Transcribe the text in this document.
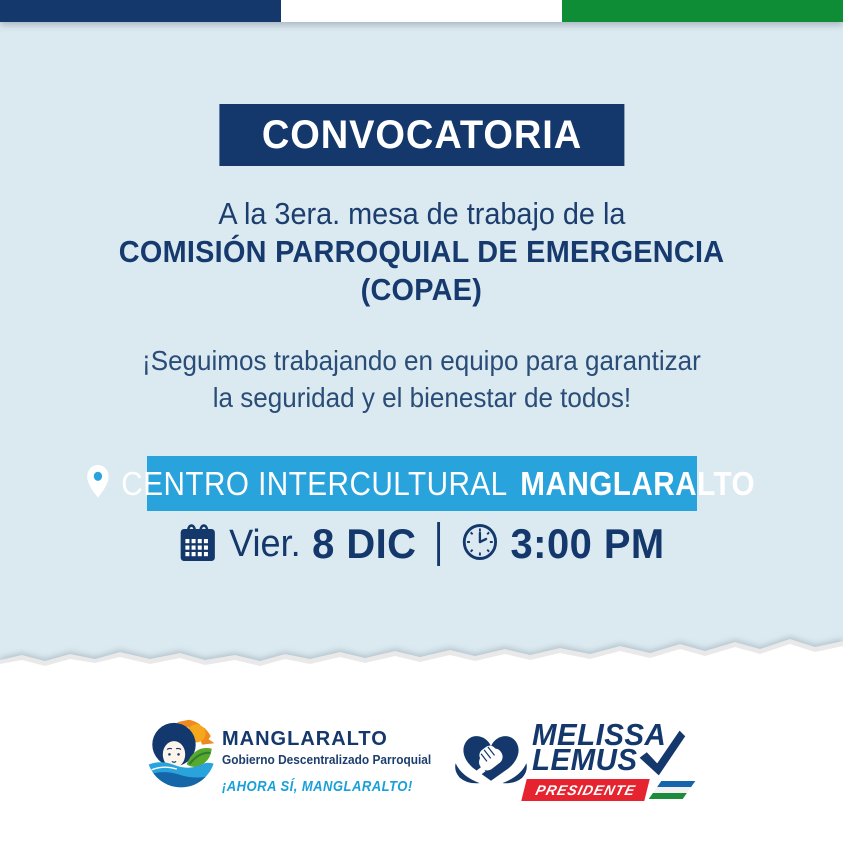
CONVOCATORIA
A la 3era. mesa de trabajo de la
COMISIÓN PARROQUIAL DE EMERGENCIA
(COPAE)
¡Seguimos trabajando en equipo para garantizar
la seguridad y el bienestar de todos!
CENTRO INTERCULTURAL MANGLARALTO
Vier. 8 DIC 3:00 PM
MANGLARALTO
Gobierno Descentralizado Parroquial
¡AHORA SÍ, MANGLARALTO!
MELISSA
LEMUS
PRESIDENTE
